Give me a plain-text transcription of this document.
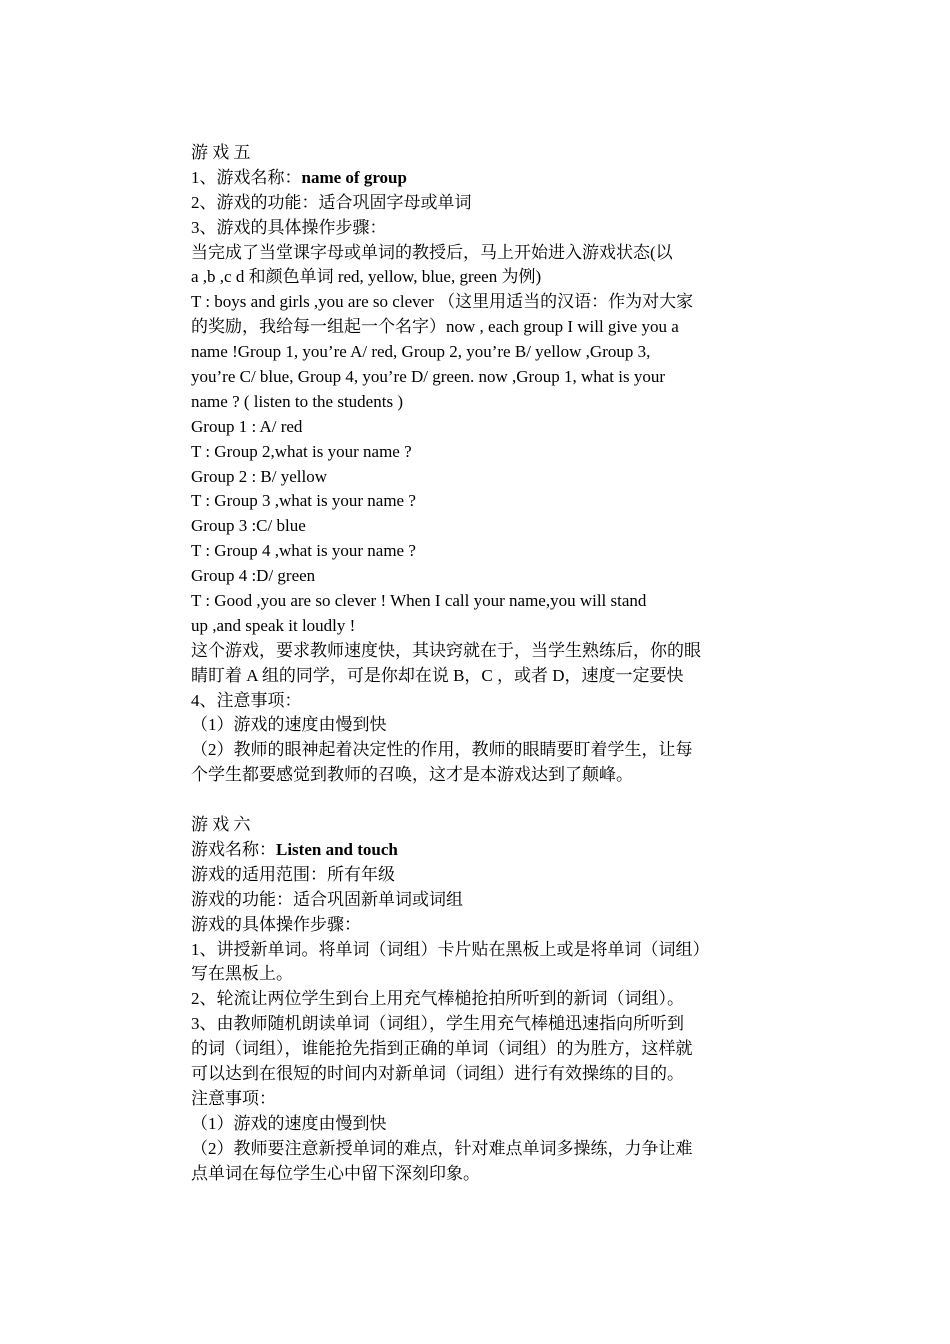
游 戏 五
1、游戏名称：name of group
2、游戏的功能：适合巩固字母或单词
3、游戏的具体操作步骤：
当完成了当堂课字母或单词的教授后，马上开始进入游戏状态(以
a ,b ,c d 和颜色单词 red, yellow, blue, green 为例)
T : boys and girls ,you are so clever （这里用适当的汉语：作为对大家
的奖励，我给每一组起一个名字）now , each group I will give you a
name !Group 1, you’re A/ red, Group 2, you’re B/ yellow ,Group 3,
you’re C/ blue, Group 4, you’re D/ green. now ,Group 1, what is your
name ? ( listen to the students )
Group 1 : A/ red
T : Group 2,what is your name ?
Group 2 : B/ yellow
T : Group 3 ,what is your name ?
Group 3 :C/ blue
T : Group 4 ,what is your name ?
Group 4 :D/ green
T : Good ,you are so clever ! When I call your name,you will stand
up ,and speak it loudly !
这个游戏，要求教师速度快，其诀窍就在于，当学生熟练后，你的眼
睛盯着 A 组的同学，可是你却在说 B，C ，或者 D，速度一定要快
4、注意事项：
（1）游戏的速度由慢到快
（2）教师的眼神起着决定性的作用，教师的眼睛要盯着学生，让每
个学生都要感觉到教师的召唤，这才是本游戏达到了颠峰。
游 戏 六
游戏名称：Listen and touch
游戏的适用范围：所有年级
游戏的功能：适合巩固新单词或词组
游戏的具体操作步骤：
1、讲授新单词。将单词（词组）卡片贴在黑板上或是将单词（词组）
写在黑板上。
2、轮流让两位学生到台上用充气棒槌抢拍所听到的新词（词组）。
3、由教师随机朗读单词（词组），学生用充气棒槌迅速指向所听到
的词（词组），谁能抢先指到正确的单词（词组）的为胜方，这样就
可以达到在很短的时间内对新单词（词组）进行有效操练的目的。
注意事项：
（1）游戏的速度由慢到快
（2）教师要注意新授单词的难点，针对难点单词多操练，力争让难
点单词在每位学生心中留下深刻印象。
